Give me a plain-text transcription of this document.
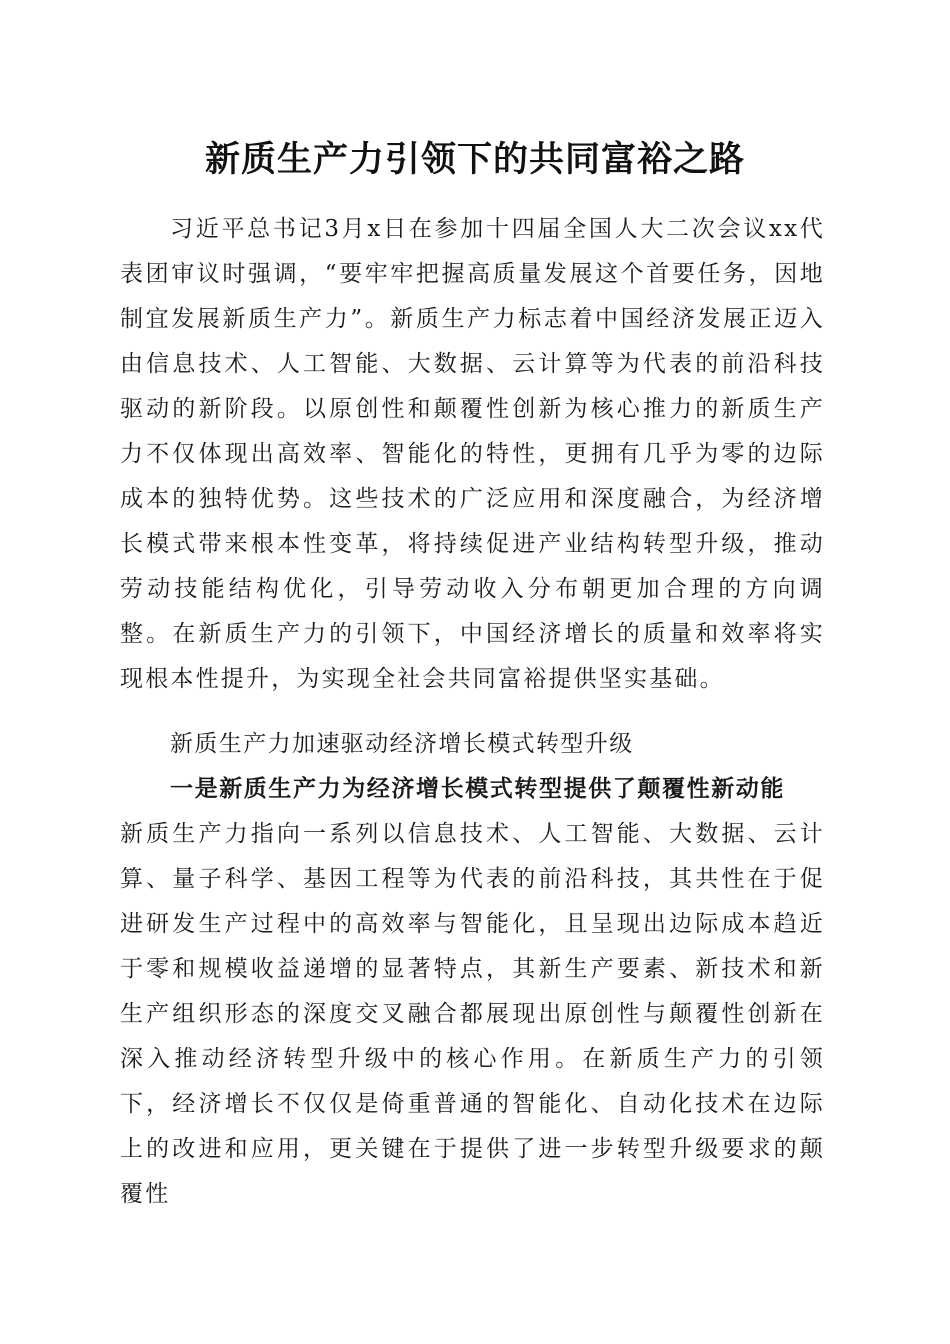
新质生产力引领下的共同富裕之路

习近平总书记3月x日在参加十四届全国人大二次会议xx代表团审议时强调，“要牢牢把握高质量发展这个首要任务，因地制宜发展新质生产力”。新质生产力标志着中国经济发展正迈入由信息技术、人工智能、大数据、云计算等为代表的前沿科技驱动的新阶段。以原创性和颠覆性创新为核心推力的新质生产力不仅体现出高效率、智能化的特性，更拥有几乎为零的边际成本的独特优势。这些技术的广泛应用和深度融合，为经济增长模式带来根本性变革，将持续促进产业结构转型升级，推动劳动技能结构优化，引导劳动收入分布朝更加合理的方向调整。在新质生产力的引领下，中国经济增长的质量和效率将实现根本性提升，为实现全社会共同富裕提供坚实基础。

新质生产力加速驱动经济增长模式转型升级

一是新质生产力为经济增长模式转型提供了颠覆性新动能
新质生产力指向一系列以信息技术、人工智能、大数据、云计算、量子科学、基因工程等为代表的前沿科技，其共性在于促进研发生产过程中的高效率与智能化，且呈现出边际成本趋近于零和规模收益递增的显著特点，其新生产要素、新技术和新生产组织形态的深度交叉融合都展现出原创性与颠覆性创新在深入推动经济转型升级中的核心作用。在新质生产力的引领下，经济增长不仅仅是倚重普通的智能化、自动化技术在边际上的改进和应用，更关键在于提供了进一步转型升级要求的颠覆性
